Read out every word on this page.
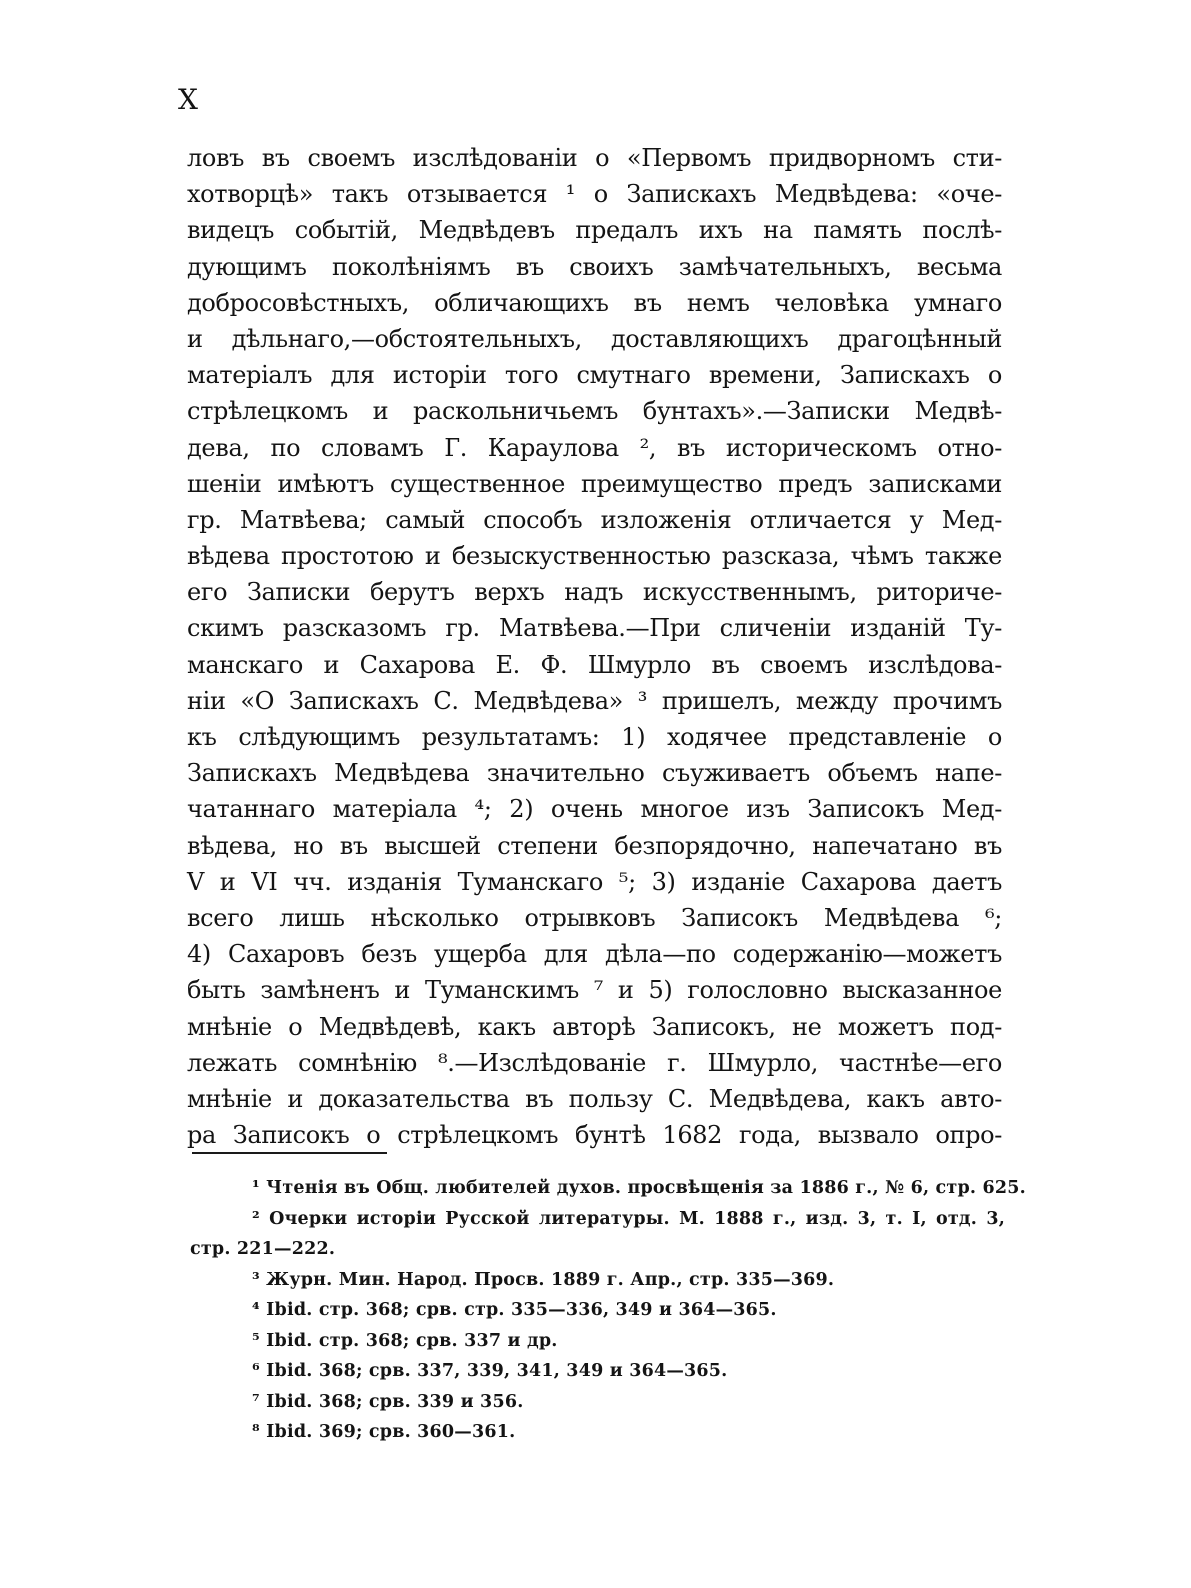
X
ловъ въ своемъ изслѣдованіи о «Первомъ придворномъ сти-
хотворцѣ» такъ отзывается ¹ о Запискахъ Медвѣдева: «оче-
видецъ событій, Медвѣдевъ предалъ ихъ на память послѣ-
дующимъ поколѣніямъ въ своихъ замѣчательныхъ, весьма
добросовѣстныхъ, обличающихъ въ немъ человѣка умнаго
и дѣльнаго,—обстоятельныхъ, доставляющихъ драгоцѣнный
матеріалъ для исторіи того смутнаго времени, Запискахъ о
стрѣлецкомъ и раскольничьемъ бунтахъ».—Записки Медвѣ-
дева, по словамъ Г. Караулова ², въ историческомъ отно-
шеніи имѣютъ существенное преимущество предъ записками
гр. Матвѣева; самый способъ изложенія отличается у Мед-
вѣдева простотою и безыскуственностью разсказа, чѣмъ также
его Записки берутъ верхъ надъ искусственнымъ, риториче-
скимъ разсказомъ гр. Матвѣева.—При сличеніи изданій Ту-
манскаго и Сахарова Е. Ф. Шмурло въ своемъ изслѣдова-
ніи «О Запискахъ С. Медвѣдева» ³ пришелъ, между прочимъ
къ слѣдующимъ результатамъ: 1) ходячее представленіе о
Запискахъ Медвѣдева значительно съуживаетъ объемъ напе-
чатаннаго матеріала ⁴; 2) очень многое изъ Записокъ Мед-
вѣдева, но въ высшей степени безпорядочно, напечатано въ
V и VI чч. изданія Туманскаго ⁵; 3) изданіе Сахарова даетъ
всего лишь нѣсколько отрывковъ Записокъ Медвѣдева ⁶;
4) Сахаровъ безъ ущерба для дѣла—по содержанію—можетъ
быть замѣненъ и Туманскимъ ⁷ и 5) голословно высказанное
мнѣніе о Медвѣдевѣ, какъ авторѣ Записокъ, не можетъ под-
лежать сомнѣнію ⁸.—Изслѣдованіе г. Шмурло, частнѣе—его
мнѣніе и доказательства въ пользу С. Медвѣдева, какъ авто-
ра Записокъ о стрѣлецкомъ бунтѣ 1682 года, вызвало опро-
¹ Чтенія въ Общ. любителей духов. просвѣщенія за 1886 г., № 6, стр. 625.
² Очерки исторіи Русской литературы. М. 1888 г., изд. 3, т. I, отд. 3,
стр. 221—222.
³ Журн. Мин. Народ. Просв. 1889 г. Апр., стр. 335—369.
⁴ Ibid. стр. 368; срв. стр. 335—336, 349 и 364—365.
⁵ Ibid. стр. 368; срв. 337 и др.
⁶ Ibid. 368; срв. 337, 339, 341, 349 и 364—365.
⁷ Ibid. 368; срв. 339 и 356.
⁸ Ibid. 369; срв. 360—361.
